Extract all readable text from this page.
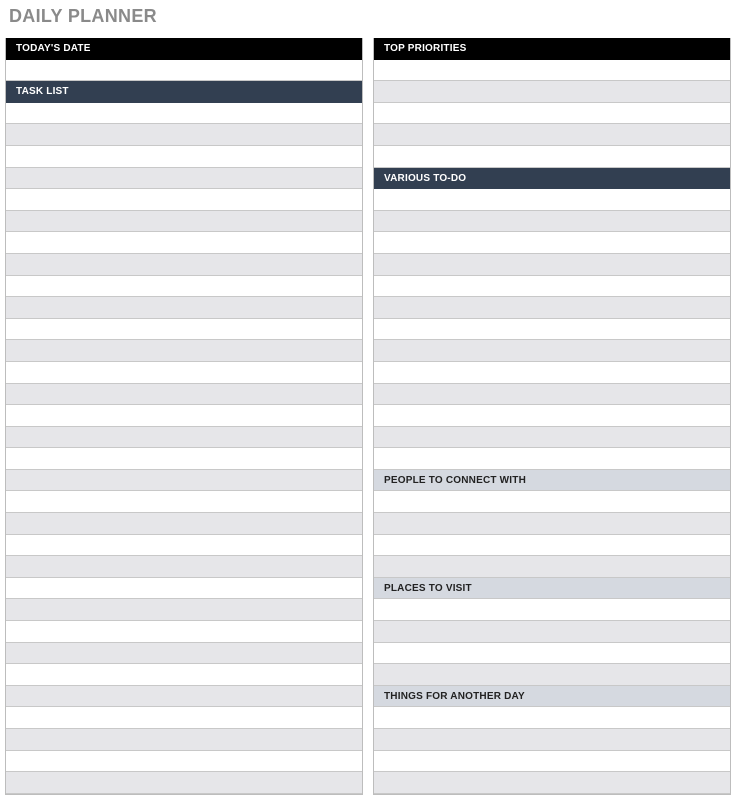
DAILY PLANNER
TODAY'S DATE
TASK LIST
TOP PRIORITIES
VARIOUS TO-DO
PEOPLE TO CONNECT WITH
PLACES TO VISIT
THINGS FOR ANOTHER DAY
